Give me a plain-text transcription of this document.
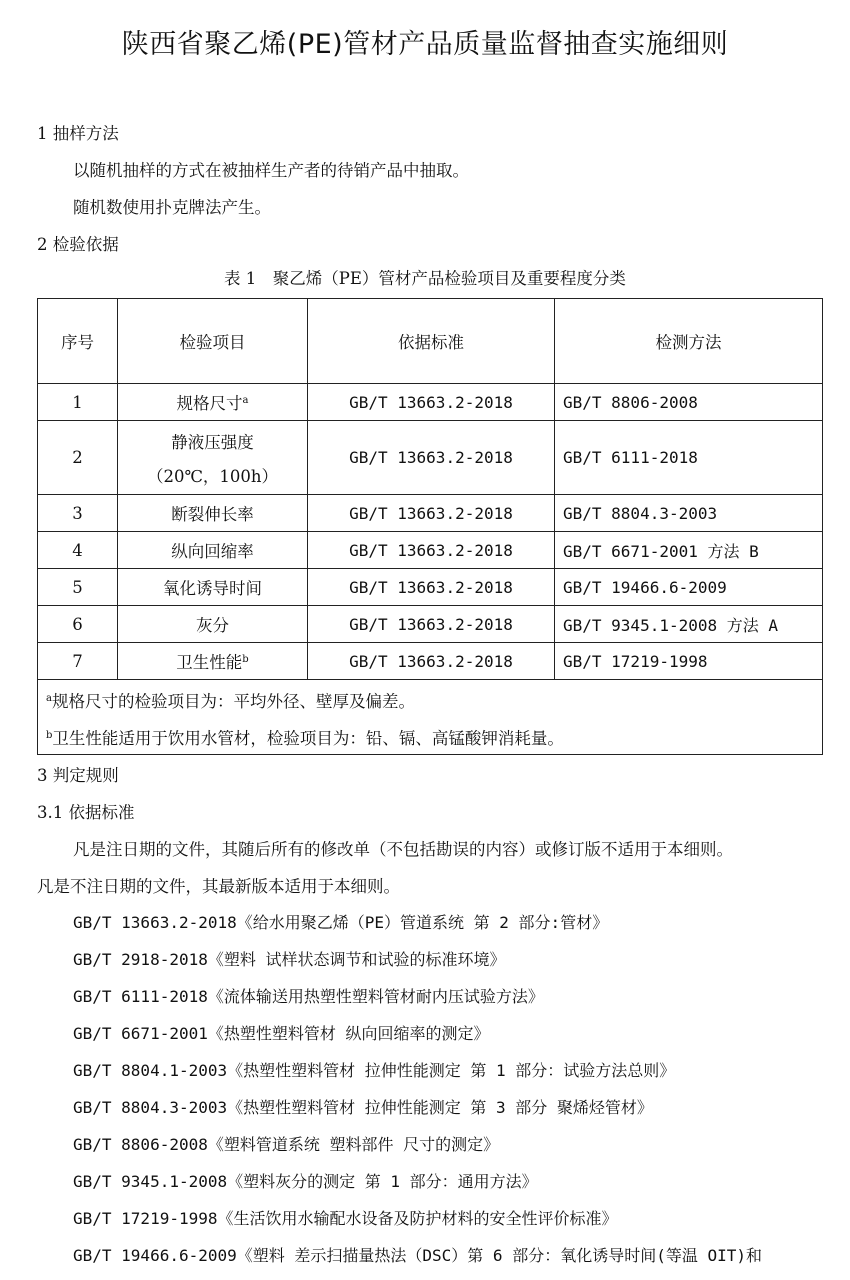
陕西省聚乙烯(PE)管材产品质量监督抽查实施细则
1 抽样方法
以随机抽样的方式在被抽样生产者的待销产品中抽取。
随机数使用扑克牌法产生。
2 检验依据
表 1　聚乙烯（PE）管材产品检验项目及重要程度分类
序号	检验项目	依据标准	检测方法
1	规格尺寸$^a$	GB/T 13663.2-2018	GB/T 8806-2008
2	静液压强度
（20℃，100h）	GB/T 13663.2-2018	GB/T 6111-2018
3	断裂伸长率	GB/T 13663.2-2018	GB/T 8804.3-2003
4	纵向回缩率	GB/T 13663.2-2018	GB/T 6671-2001 方法 B
5	氧化诱导时间	GB/T 13663.2-2018	GB/T 19466.6-2009
6	灰分	GB/T 13663.2-2018	GB/T 9345.1-2008 方法 A
7	卫生性能$^b$	GB/T 13663.2-2018	GB/T 17219-1998

$^a$规格尺寸的检验项目为：平均外径、壁厚及偏差。
$^b$卫生性能适用于饮用水管材，检验项目为：铅、镉、高锰酸钾消耗量。			
3 判定规则
3.1 依据标准
凡是注日期的文件，其随后所有的修改单（不包括勘误的内容）或修订版不适用于本细则。
凡是不注日期的文件，其最新版本适用于本细则。
GB/T 13663.2-2018《给水用聚乙烯（PE）管道系统 第 2 部分:管材》
GB/T 2918-2018《塑料 试样状态调节和试验的标准环境》
GB/T 6111-2018《流体输送用热塑性塑料管材耐内压试验方法》
GB/T 6671-2001《热塑性塑料管材 纵向回缩率的测定》
GB/T 8804.1-2003《热塑性塑料管材 拉伸性能测定 第 1 部分：试验方法总则》
GB/T 8804.3-2003《热塑性塑料管材 拉伸性能测定 第 3 部分 聚烯烃管材》
GB/T 8806-2008《塑料管道系统 塑料部件 尺寸的测定》
GB/T 9345.1-2008《塑料灰分的测定 第 1 部分：通用方法》
GB/T 17219-1998《生活饮用水输配水设备及防护材料的安全性评价标准》
GB/T 19466.6-2009《塑料 差示扫描量热法（DSC）第 6 部分：氧化诱导时间(等温 OIT)和
